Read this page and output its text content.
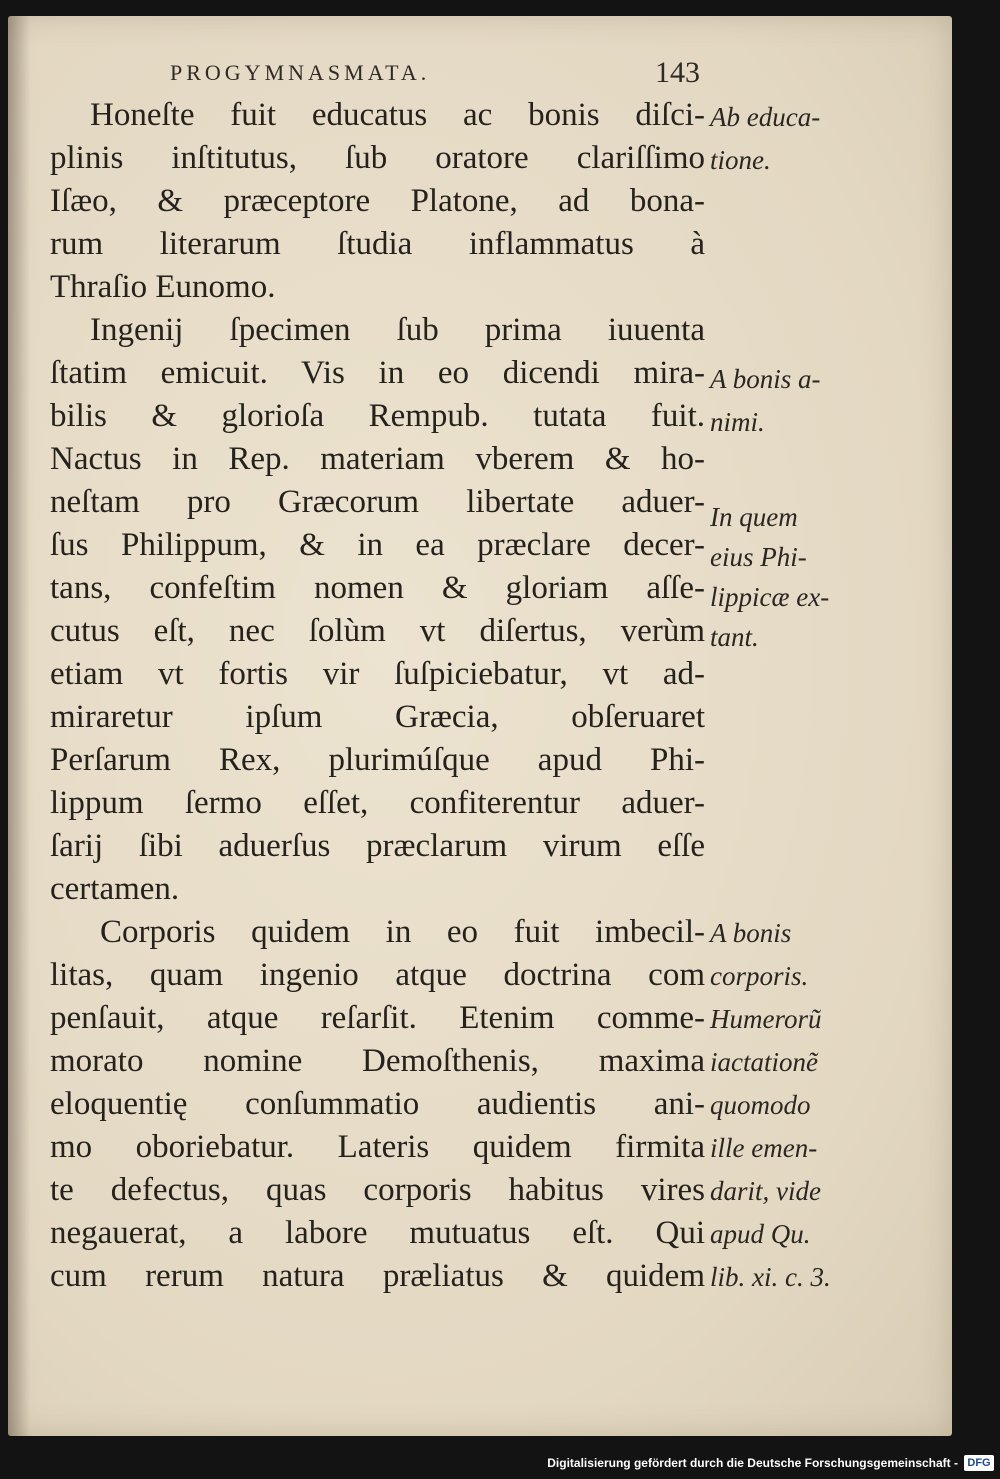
PROGYMNASMATA.	143
Honeſte fuit educatus ac bonis diſci-
plinis inſtitutus, ſub oratore clariſſimo
Iſæo, & præceptore Platone, ad bona-
rum literarum ſtudia inflammatus à
Thraſio Eunomo.
Ingenij ſpecimen ſub prima iuuenta
ſtatim emicuit. Vis in eo dicendi mira-
bilis & glorioſa Rempub. tutata fuit.
Nactus in Rep. materiam vberem & ho-
neſtam pro Græcorum libertate aduer-
ſus Philippum, & in ea præclare decer-
tans, confeſtim nomen & gloriam aſſe-
cutus eſt, nec ſolùm vt diſertus, verùm
etiam vt fortis vir ſuſpiciebatur, vt ad-
miraretur ipſum Græcia, obſeruaret
Perſarum Rex, plurimúſque apud Phi-
lippum ſermo eſſet, confiterentur aduer-
ſarij ſibi aduerſus præclarum virum eſſe
certamen.
Corporis quidem in eo fuit imbecil-
litas, quam ingenio atque doctrina com
penſauit, atque reſarſit. Etenim comme-
morato nomine Demoſthenis, maxima
eloquentię conſummatio audientis ani-
mo oboriebatur. Lateris quidem firmita
te defectus, quas corporis habitus vires
negauerat, a labore mutuatus eſt. Qui
cum rerum natura præliatus & quidem
Ab educa-
tione.
A bonis a-
nimi.
In quem
eius Phi-
lippicæ ex-
tant.
A bonis
corporis.
Humerorũ
iactationẽ
quomodo
ille emen-
darit, vide
apud Qu.
lib. xi. c. 3.
Digitalisierung gefördert durch die Deutsche Forschungsgemeinschaft - DFG
